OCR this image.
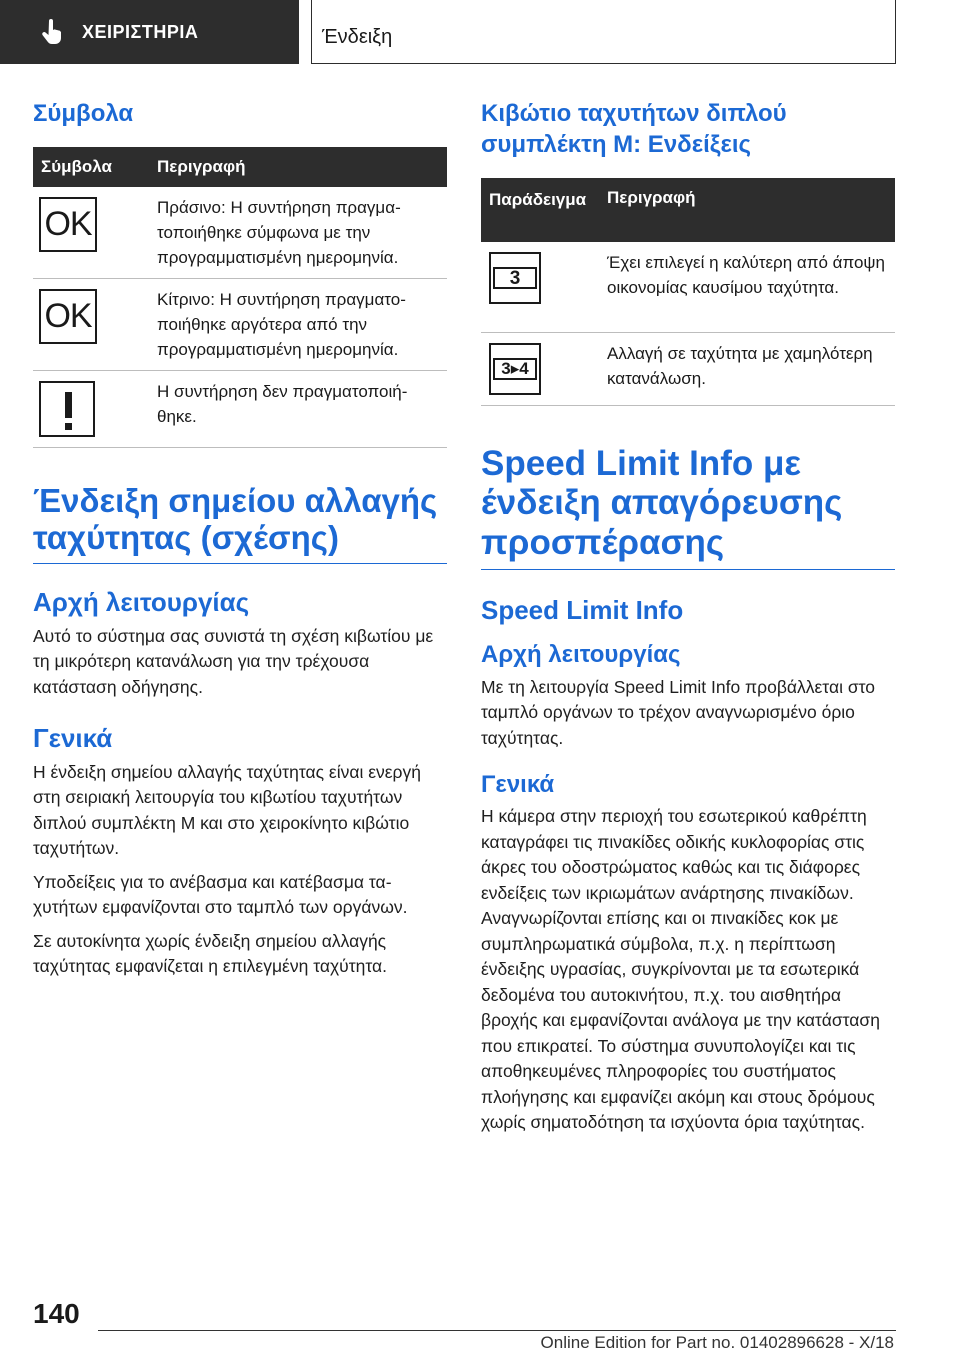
ΧΕΙΡΙΣΤΗΡΙΑ	Ένδειξη
Σύμβολα
Σύμβολα	Περιγραφή

OK	Πράσινο: Η συντήρηση πραγματοποιήθηκε σύμφωνα με την προγραμματισμένη ημερομηνία.

OK	Κίτρινο: Η συντήρηση πραγματοποιήθηκε αργότερα από την προγραμματισμένη ημερομηνία.

	Η συντήρηση δεν πραγματοποιήθηκε.
Ένδειξη σημείου αλλαγής ταχύτητας (σχέσης)
Αρχή λειτουργίας

Αυτό το σύστημα σας συνιστά τη σχέση κιβωτίου με τη μικρότερη κατανάλωση για την τρέχουσα κατάσταση οδήγησης.

Γενικά

Η ένδειξη σημείου αλλαγής ταχύτητας είναι ενεργή στη σειριακή λειτουργία του κιβωτίου ταχυτήτων διπλού συμπλέκτη M και στο χειροκίνητο κιβώτιο ταχυτήτων.

Υποδείξεις για το ανέβασμα και κατέβασμα ταχυτήτων εμφανίζονται στο ταμπλό των οργάνων.

Σε αυτοκίνητα χωρίς ένδειξη σημείου αλλαγής ταχύτητας εμφανίζεται η επιλεγμένη ταχύτητα.

Κιβώτιο ταχυτήτων διπλού συμπλέκτη M: Ενδείξεις
Παράδειγμα	Περιγραφή

3	Έχει επιλεγεί η καλύτερη από άποψη οικονομίας καυσίμου ταχύτητα.

3▸4	Αλλαγή σε ταχύτητα με χαμηλότερη κατανάλωση.
Speed Limit Info με ένδειξη απαγόρευσης προσπέρασης
Speed Limit Info
Αρχή λειτουργίας

Με τη λειτουργία Speed Limit Info προβάλλεται στο ταμπλό οργάνων το τρέχον αναγνωρισμένο όριο ταχύτητας.

Γενικά

Η κάμερα στην περιοχή του εσωτερικού καθρέπτη καταγράφει τις πινακίδες οδικής κυκλοφορίας στις άκρες του οδοστρώματος καθώς και τις διάφορες ενδείξεις των ικριωμάτων ανάρτησης πινακίδων. Αναγνωρίζονται επίσης και οι πινακίδες κοκ με συμπληρωματικά σύμβολα, π.χ. η περίπτωση ένδειξης υγρασίας, συγκρίνονται με τα εσωτερικά δεδομένα του αυτοκινήτου, π.χ. του αισθητήρα βροχής και εμφανίζονται ανάλογα με την κατάσταση που επικρατεί. Το σύστημα συνυπολογίζει και τις αποθηκευμένες πληροφορίες του συστήματος πλοήγησης και εμφανίζει ακόμη και στους δρόμους χωρίς σηματοδότηση τα ισχύοντα όρια ταχύτητας.

140
Online Edition for Part no. 01402896628 - X/18
